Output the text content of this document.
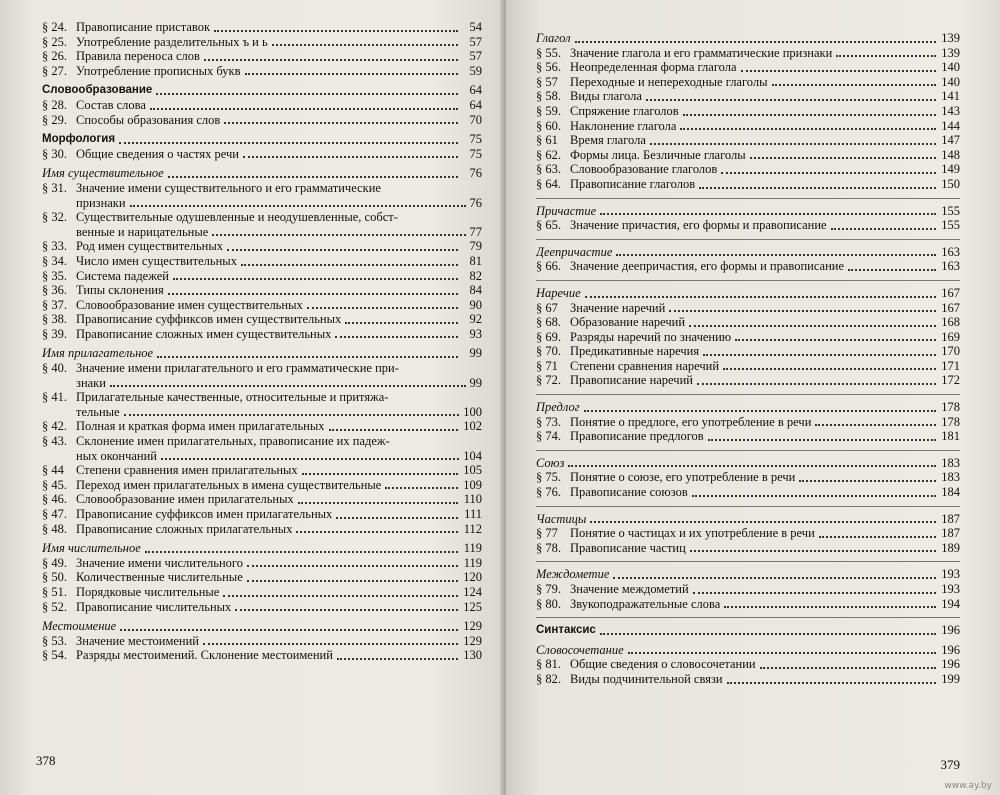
§ 24. Правописание приставок	54
§ 25. Употребление разделительных ъ и ь	57
§ 26. Правила переноса слов	57
§ 27. Употребление прописных букв	59
Словообразование	64
§ 28. Состав слова	64
§ 29. Способы образования слов	70
Морфология	75
§ 30. Общие сведения о частях речи	75
Имя существительное	76
§ 31. Значение имени существительного и его грамматические
признаки	76
§ 32. Существительные одушевленные и неодушевленные, собст-
венные и нарицательные	77
§ 33. Род имен существительных	79
§ 34. Число имен существительных	81
§ 35. Система падежей	82
§ 36. Типы склонения	84
§ 37. Словообразование имен существительных	90
§ 38. Правописание суффиксов имен существительных	92
§ 39. Правописание сложных имен существительных	93
Имя прилагательное	99
§ 40. Значение имени прилагательного и его грамматические при-
знаки	99
§ 41. Прилагательные качественные, относительные и притяжа-
тельные	100
§ 42. Полная и краткая форма имен прилагательных	102
§ 43. Склонение имен прилагательных, правописание их падеж-
ных окончаний	104
§ 44 Степени сравнения имен прилагательных	105
§ 45. Переход имен прилагательных в имена существительные	109
§ 46. Словообразование имен прилагательных	110
§ 47. Правописание суффиксов имен прилагательных	111
§ 48. Правописание сложных прилагательных	112
Имя числительное	119
§ 49. Значение имени числительного	119
§ 50. Количественные числительные	120
§ 51. Порядковые числительные	124
§ 52. Правописание числительных	125
Местоимение	129
§ 53. Значение местоимений	129
§ 54. Разряды местоимений. Склонение местоимений	130
378
Глагол	139
§ 55. Значение глагола и его грамматические признаки	139
§ 56. Неопределенная форма глагола	140
§ 57 Переходные и непереходные глаголы	140
§ 58. Виды глагола	141
§ 59. Спряжение глаголов	143
§ 60. Наклонение глагола	144
§ 61 Время глагола	147
§ 62. Формы лица. Безличные глаголы	148
§ 63. Словообразование глаголов	149
§ 64. Правописание глаголов	150
Причастие	155
§ 65. Значение причастия, его формы и правописание	155
Деепричастие	163
§ 66. Значение деепричастия, его формы и правописание	163
Наречие	167
§ 67 Значение наречий	167
§ 68. Образование наречий	168
§ 69. Разряды наречий по значению	169
§ 70. Предикативные наречия	170
§ 71 Степени сравнения наречий	171
§ 72. Правописание наречий	172
Предлог	178
§ 73. Понятие о предлоге, его употребление в речи	178
§ 74. Правописание предлогов	181
Союз	183
§ 75. Понятие о союзе, его употребление в речи	183
§ 76. Правописание союзов	184
Частицы	187
§ 77 Понятие о частицах и их употребление в речи	187
§ 78. Правописание частиц	189
Междометие	193
§ 79. Значение междометий	193
§ 80. Звукоподражательные слова	194
Синтаксис	196
Словосочетание	196
§ 81. Общие сведения о словосочетании	196
§ 82. Виды подчинительной связи	199
379
www.ay.by
